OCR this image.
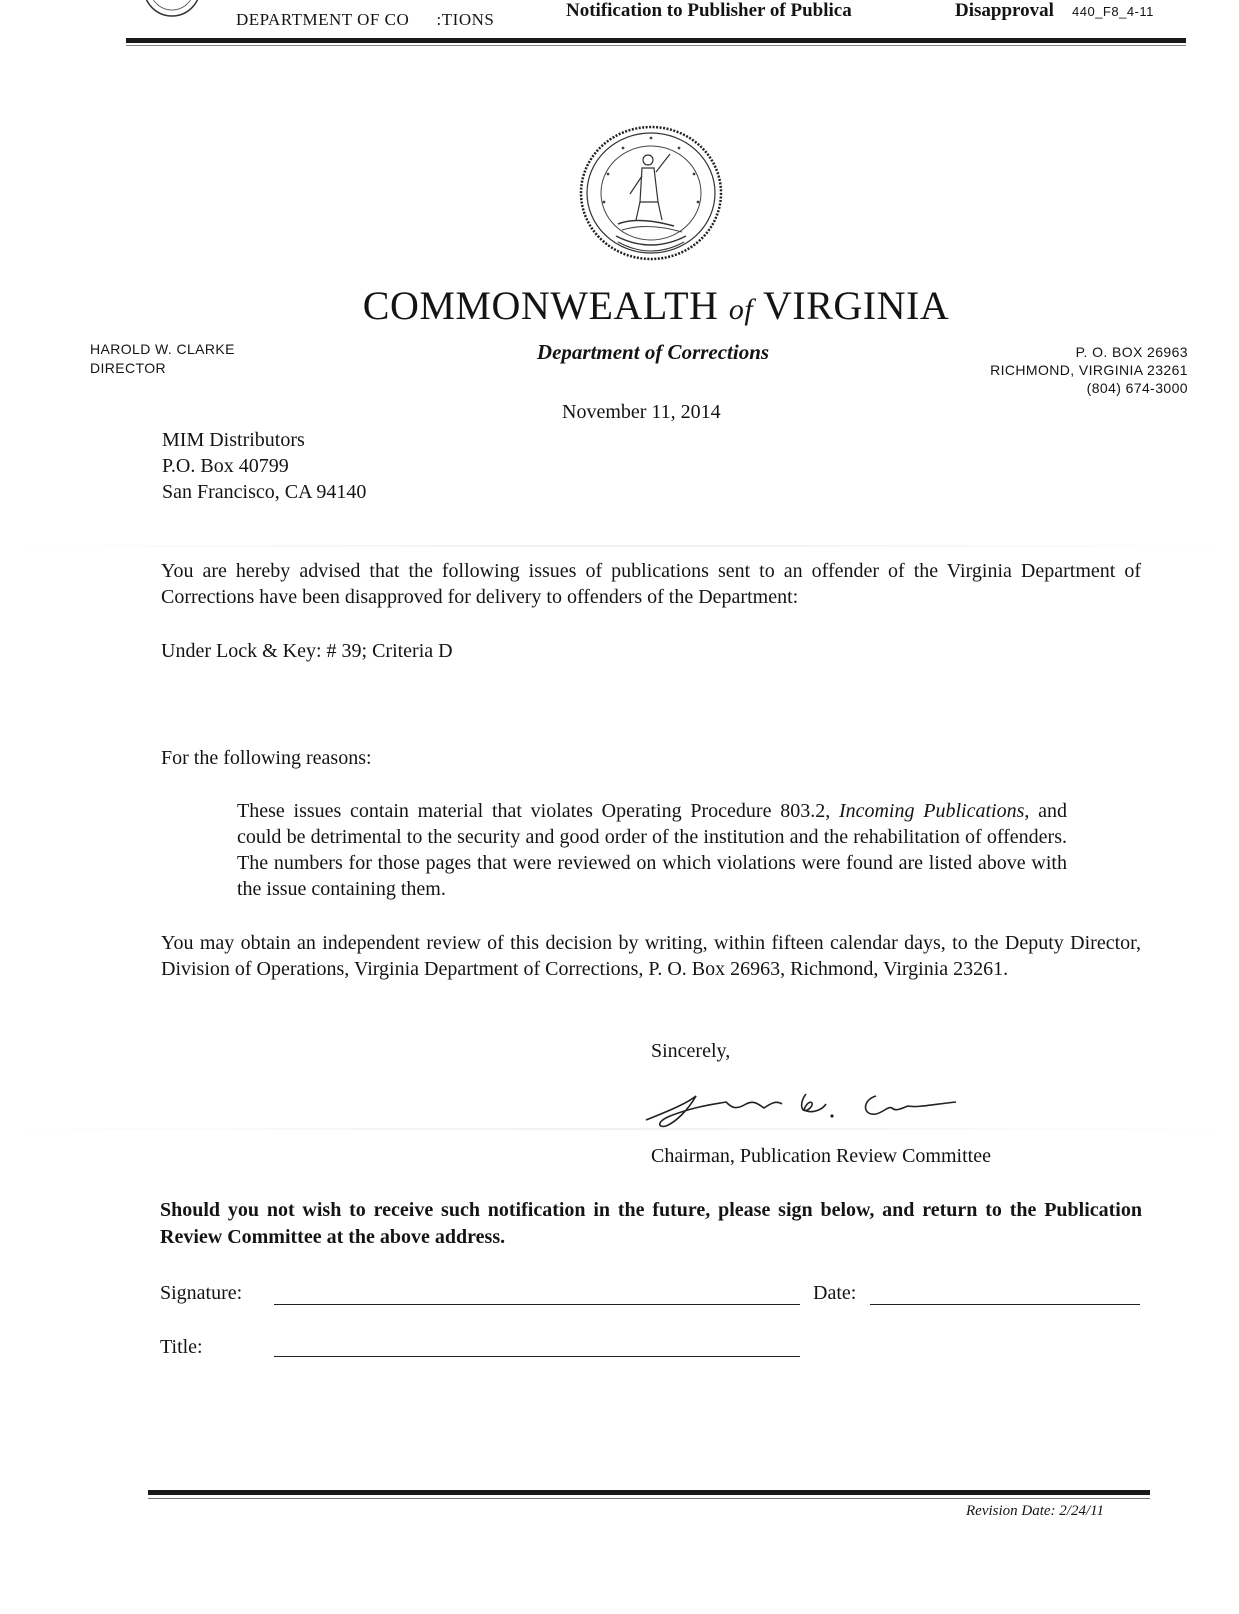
DEPARTMENT OF CO       :TIONS	Notification to Publisher of Publica	Disapproval 440_F8_4-11
COMMONWEALTH of VIRGINIA
Department of Corrections
HAROLD W. CLARKE
DIRECTOR
P. O. BOX 26963
RICHMOND, VIRGINIA 23261
(804) 674-3000
November 11, 2014
MIM Distributors
P.O. Box 40799
San Francisco, CA 94140
You are hereby advised that the following issues of publications sent to an offender of the Virginia Department of Corrections have been disapproved for delivery to offenders of the Department:
Under Lock & Key: # 39; Criteria D
For the following reasons:
These issues contain material that violates Operating Procedure 803.2, Incoming Publications, and could be detrimental to the security and good order of the institution and the rehabilitation of offenders. The numbers for those pages that were reviewed on which violations were found are listed above with the issue containing them.
You may obtain an independent review of this decision by writing, within fifteen calendar days, to the Deputy Director, Division of Operations, Virginia Department of Corrections, P. O. Box 26963, Richmond, Virginia 23261.
Sincerely,
Chairman, Publication Review Committee
Should you not wish to receive such notification in the future, please sign below, and return to the Publication Review Committee at the above address.
Signature:	Date:
Title:
Revision Date: 2/24/11
